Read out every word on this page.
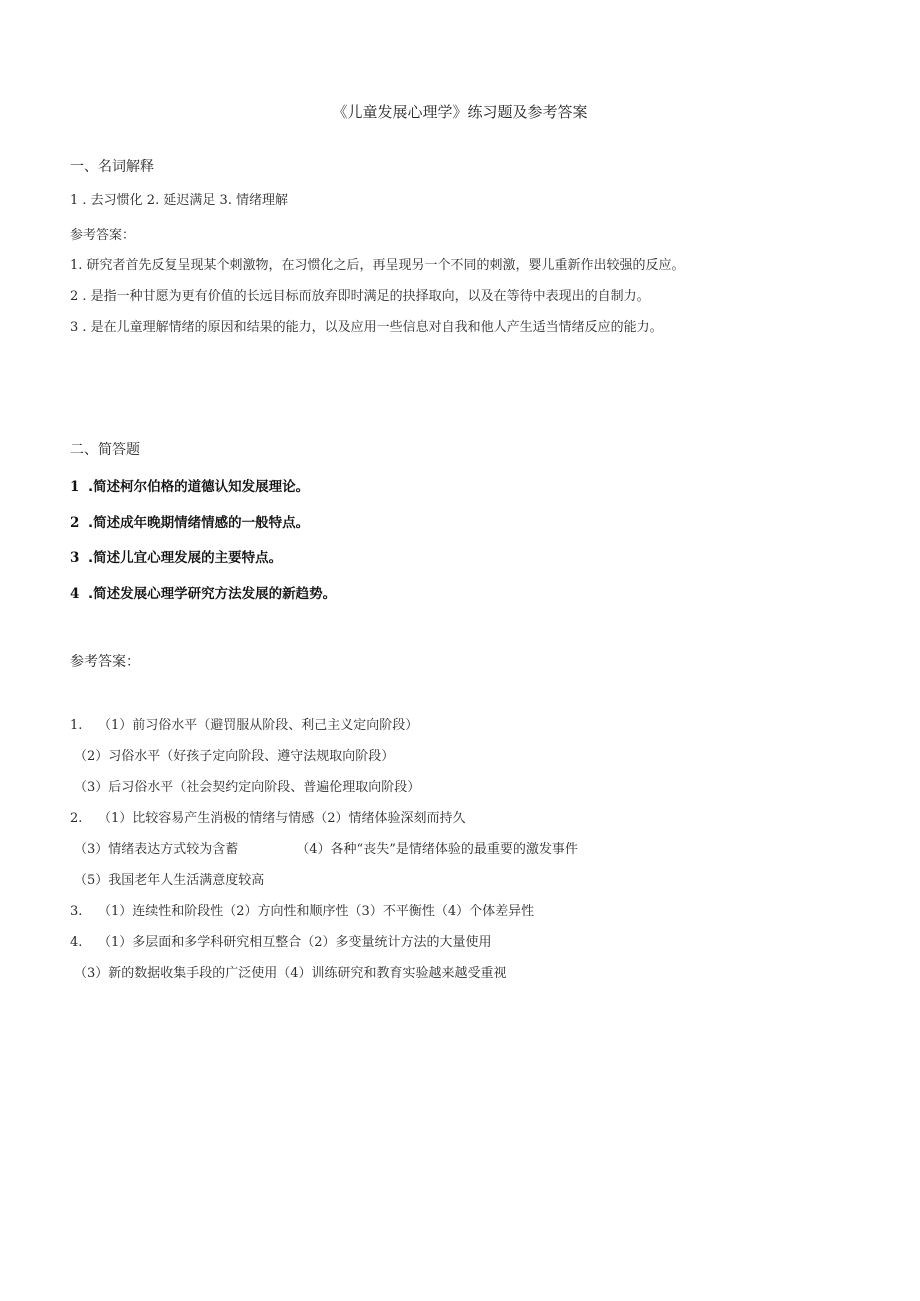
《儿童发展心理学》练习题及参考答案
一、名词解释
1 . 去习惯化 2. 延迟满足 3. 情绪理解
参考答案：
1. 研究者首先反复呈现某个刺激物，在习惯化之后，再呈现另一个不同的刺激，婴儿重新作出较强的反应。
2 . 是指一种甘愿为更有价值的长远目标而放弃即时满足的抉择取向，以及在等待中表现出的自制力。
3 . 是在儿童理解情绪的原因和结果的能力，以及应用一些信息对自我和他人产生适当情绪反应的能力。
二、简答题
1 .简述柯尔伯格的道德认知发展理论。
2 .简述成年晚期情绪情感的一般特点。
3 .简述儿宜心理发展的主要特点。
4 .简述发展心理学研究方法发展的新趋势。
参考答案：
1. （1）前习俗水平（避罚服从阶段、利己主义定向阶段）
（2）习俗水平（好孩子定向阶段、遵守法规取向阶段）
（3）后习俗水平（社会契约定向阶段、普遍伦理取向阶段）
2. （1）比较容易产生消极的情绪与情感（2）情绪体验深刻而持久
（3）情绪表达方式较为含蓄	（4）各种“丧失”是情绪体验的最重要的激发事件
（5）我国老年人生活满意度较高
3. （1）连续性和阶段性（2）方向性和顺序性（3）不平衡性（4）个体差异性
4. （1）多层面和多学科研究相互整合（2）多变量统计方法的大量使用
（3）新的数据收集手段的广泛使用（4）训练研究和教育实验越来越受重视
